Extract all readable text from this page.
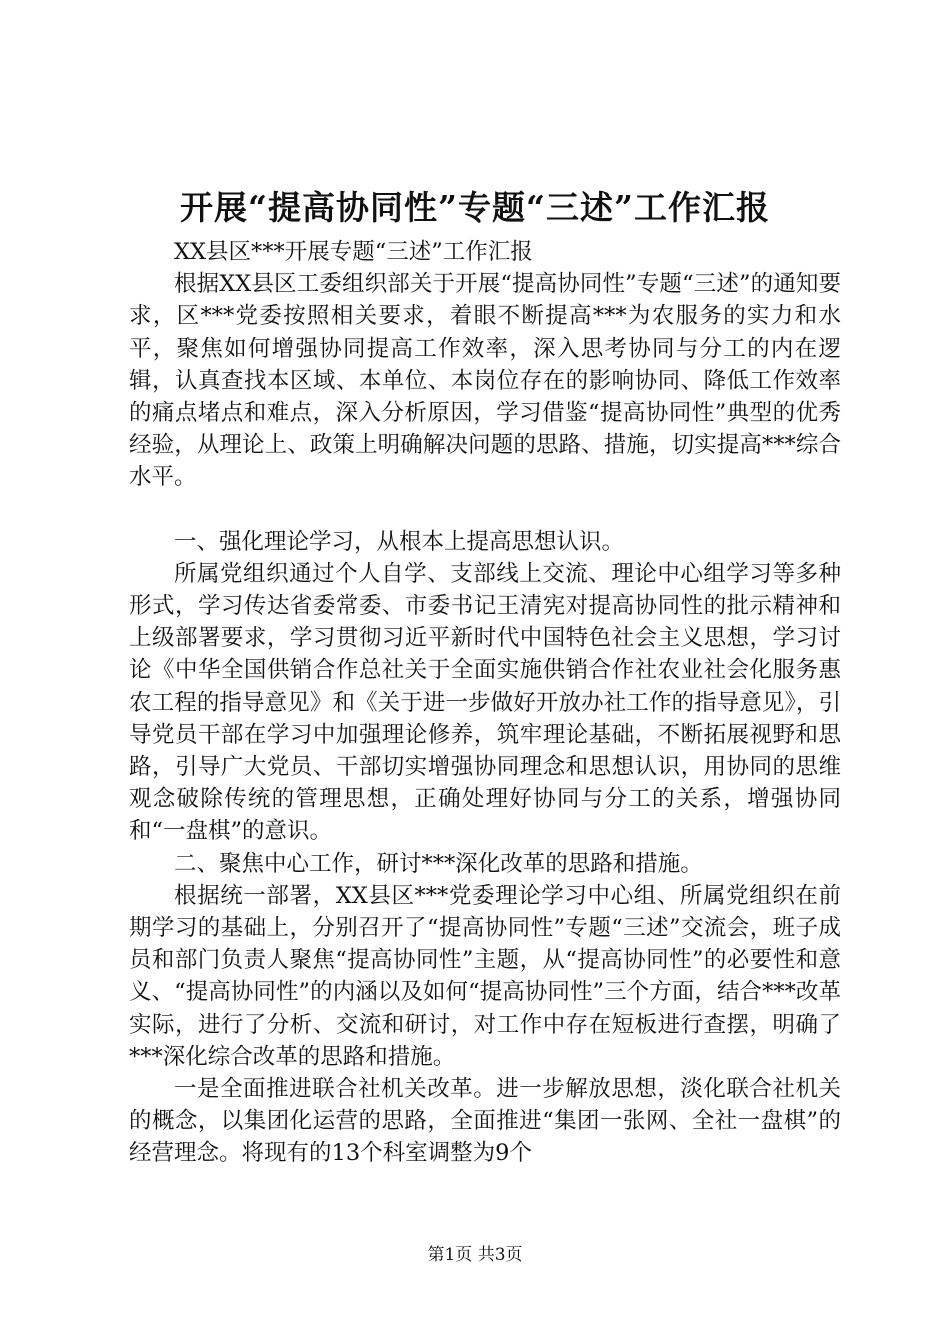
开展“提高协同性”专题“三述”工作汇报

XX县区***开展专题“三述”工作汇报

根据XX县区工委组织部关于开展“提高协同性”专题“三述”的通知要求，区***党委按照相关要求，着眼不断提高***为农服务的实力和水平，聚焦如何增强协同提高工作效率，深入思考协同与分工的内在逻辑，认真查找本区域、本单位、本岗位存在的影响协同、降低工作效率的痛点堵点和难点，深入分析原因，学习借鉴“提高协同性”典型的优秀经验，从理论上、政策上明确解决问题的思路、措施，切实提高***综合水平。

一、强化理论学习，从根本上提高思想认识。

所属党组织通过个人自学、支部线上交流、理论中心组学习等多种形式，学习传达省委常委、市委书记王清宪对提高协同性的批示精神和上级部署要求，学习贯彻习近平新时代中国特色社会主义思想，学习讨论《中华全国供销合作总社关于全面实施供销合作社农业社会化服务惠农工程的指导意见》和《关于进一步做好开放办社工作的指导意见》，引导党员干部在学习中加强理论修养，筑牢理论基础，不断拓展视野和思路，引导广大党员、干部切实增强协同理念和思想认识，用协同的思维观念破除传统的管理思想，正确处理好协同与分工的关系，增强协同和“一盘棋”的意识。

二、聚焦中心工作，研讨***深化改革的思路和措施。

根据统一部署，XX县区***党委理论学习中心组、所属党组织在前期学习的基础上，分别召开了“提高协同性”专题“三述”交流会，班子成员和部门负责人聚焦“提高协同性”主题，从“提高协同性”的必要性和意义、“提高协同性”的内涵以及如何“提高协同性”三个方面，结合***改革实际，进行了分析、交流和研讨，对工作中存在短板进行查摆，明确了***深化综合改革的思路和措施。

一是全面推进联合社机关改革。进一步解放思想，淡化联合社机关的概念，以集团化运营的思路，全面推进“集团一张网、全社一盘棋”的经营理念。将现有的13个科室调整为9个

第1页 共3页
